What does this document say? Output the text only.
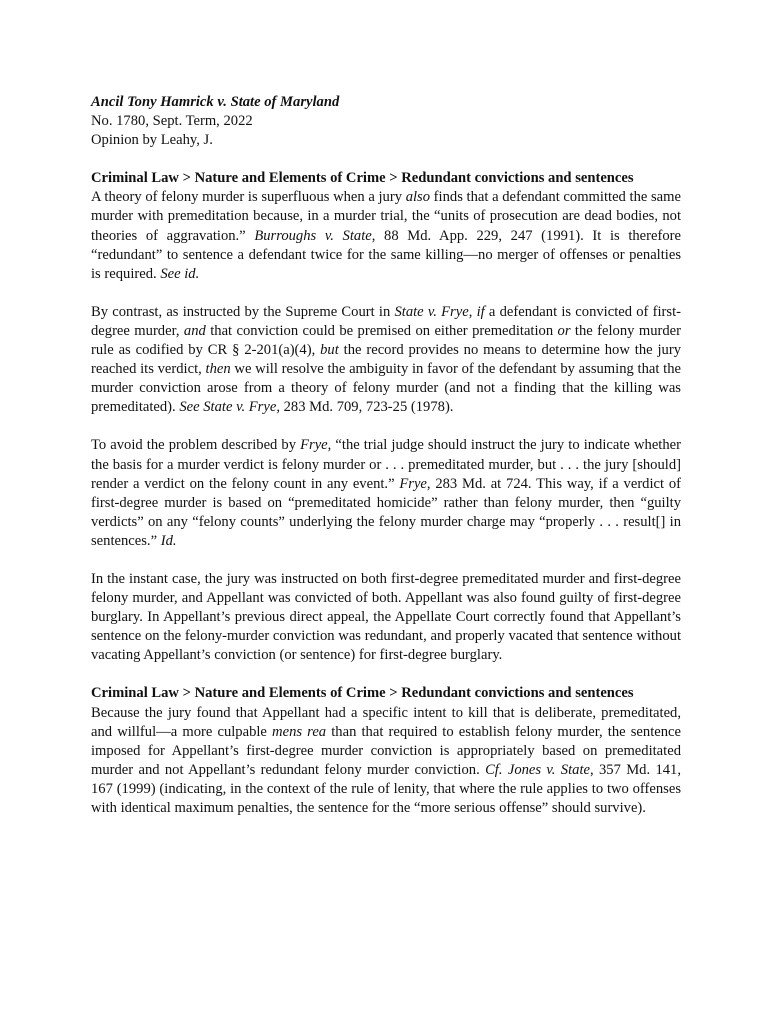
Ancil Tony Hamrick v. State of Maryland

No. 1780, Sept. Term, 2022

Opinion by Leahy, J.

Criminal Law > Nature and Elements of Crime > Redundant convictions and sentences

A theory of felony murder is superfluous when a jury also finds that a defendant committed the same murder with premeditation because, in a murder trial, the “units of prosecution are dead bodies, not theories of aggravation.” Burroughs v. State, 88 Md. App. 229, 247 (1991). It is therefore “redundant” to sentence a defendant twice for the same killing—no merger of offenses or penalties is required. See id.

By contrast, as instructed by the Supreme Court in State v. Frye, if a defendant is convicted of first-degree murder, and that conviction could be premised on either premeditation or the felony murder rule as codified by CR § 2-201(a)(4), but the record provides no means to determine how the jury reached its verdict, then we will resolve the ambiguity in favor of the defendant by assuming that the murder conviction arose from a theory of felony murder (and not a finding that the killing was premeditated). See State v. Frye, 283 Md. 709, 723-25 (1978).

To avoid the problem described by Frye, “the trial judge should instruct the jury to indicate whether the basis for a murder verdict is felony murder or . . . premeditated murder, but . . . the jury [should] render a verdict on the felony count in any event.” Frye, 283 Md. at 724. This way, if a verdict of first-degree murder is based on “premeditated homicide” rather than felony murder, then “guilty verdicts” on any “felony counts” underlying the felony murder charge may “properly . . . result[] in sentences.” Id.

In the instant case, the jury was instructed on both first-degree premeditated murder and first-degree felony murder, and Appellant was convicted of both. Appellant was also found guilty of first-degree burglary. In Appellant’s previous direct appeal, the Appellate Court correctly found that Appellant’s sentence on the felony-murder conviction was redundant, and properly vacated that sentence without vacating Appellant’s conviction (or sentence) for first-degree burglary.

Criminal Law > Nature and Elements of Crime > Redundant convictions and sentences

Because the jury found that Appellant had a specific intent to kill that is deliberate, premeditated, and willful—a more culpable mens rea than that required to establish felony murder, the sentence imposed for Appellant’s first-degree murder conviction is appropriately based on premeditated murder and not Appellant’s redundant felony murder conviction. Cf. Jones v. State, 357 Md. 141, 167 (1999) (indicating, in the context of the rule of lenity, that where the rule applies to two offenses with identical maximum penalties, the sentence for the “more serious offense” should survive).
